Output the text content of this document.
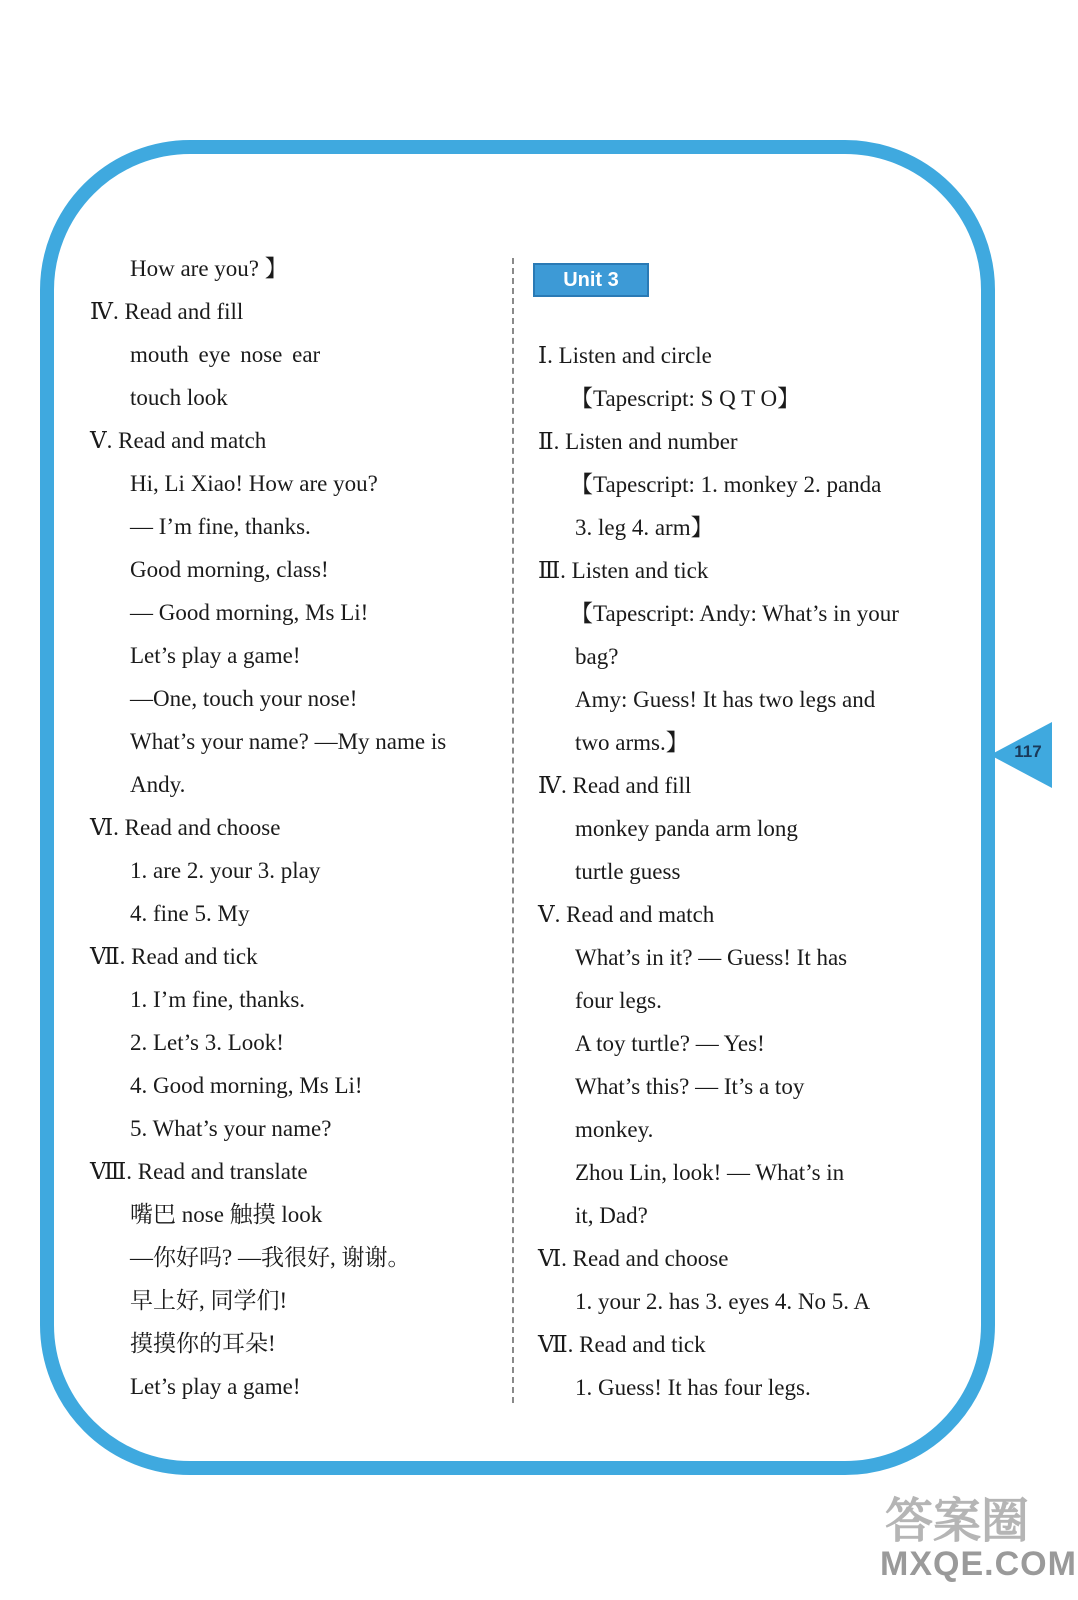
How are you? 】
Ⅳ. Read and fill
mouth eye nose ear
touch look
Ⅴ. Read and match
Hi, Li Xiao! How are you?
— I’m fine, thanks.
Good morning, class!
— Good morning, Ms Li!
Let’s play a game!
—One, touch your nose!
What’s your name? —My name is
Andy.
Ⅵ. Read and choose
1. are 2. your 3. play
4. fine 5. My
Ⅶ. Read and tick
1. I’m fine, thanks.
2. Let’s 3. Look!
4. Good morning, Ms Li!
5. What’s your name?
Ⅷ. Read and translate
嘴巴 nose 触摸 look
—你好吗? —我很好, 谢谢。
早上好, 同学们!
摸摸你的耳朵!
Let’s play a game!
Unit 3
Ⅰ. Listen and circle
【Tapescript: S Q T O】
Ⅱ. Listen and number
【Tapescript: 1. monkey 2. panda
3. leg 4. arm】
Ⅲ. Listen and tick
【Tapescript: Andy: What’s in your
bag?
Amy: Guess! It has two legs and
two arms.】
Ⅳ. Read and fill
monkey panda arm long
turtle guess
Ⅴ. Read and match
What’s in it? — Guess! It has
four legs.
A toy turtle? — Yes!
What’s this? — It’s a toy
monkey.
Zhou Lin, look! — What’s in
it, Dad?
Ⅵ. Read and choose
1. your 2. has 3. eyes 4. No 5. A
Ⅶ. Read and tick
1. Guess! It has four legs.
117
答案圈
MXQE.COM
